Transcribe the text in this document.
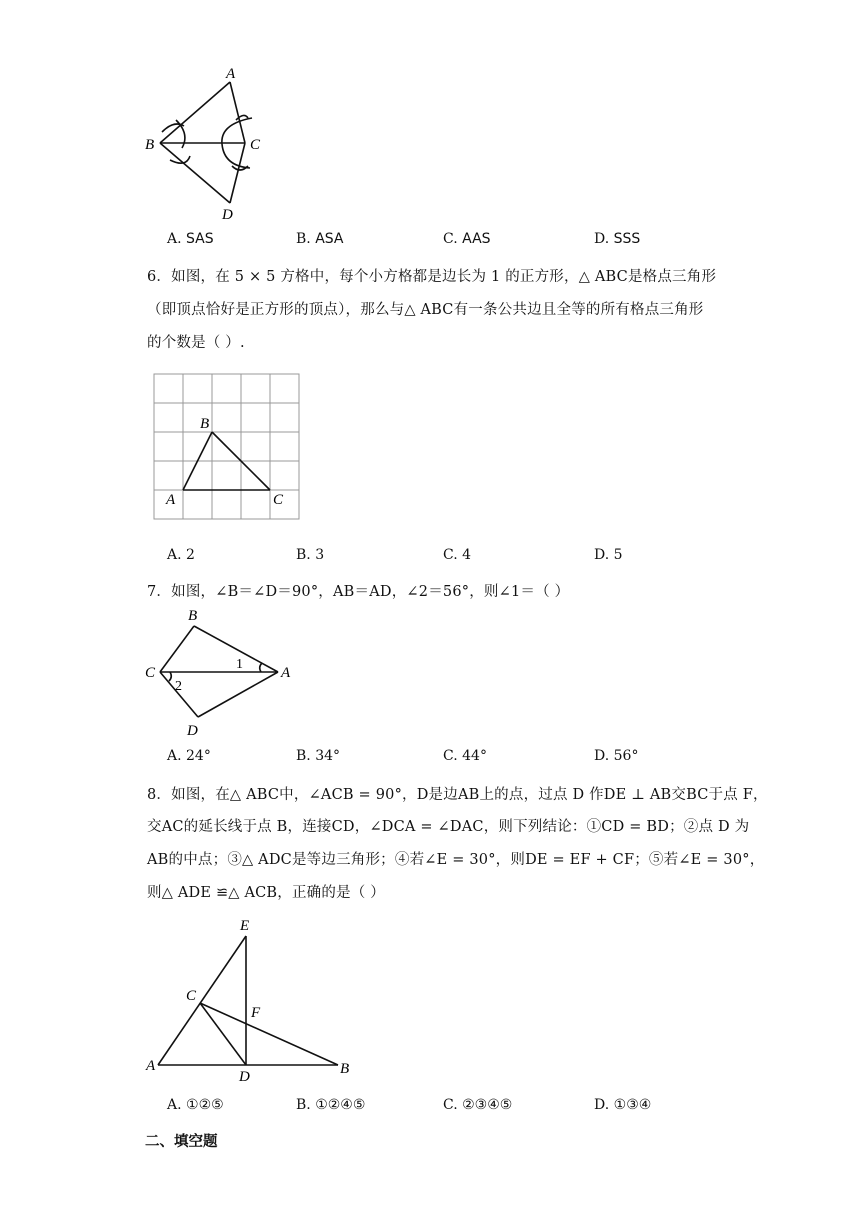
A
B	C
D
A. SAS	B. ASA	C. AAS	D. SSS
6．如图，在 5 × 5 方格中，每个小方格都是边长为 1 的正方形，△ ABC是格点三角形
（即顶点恰好是正方形的顶点），那么与△ ABC有一条公共边且全等的所有格点三角形
的个数是（ ）.
B
A	C
A. 2	B. 3	C. 4	D. 5
7．如图，∠B＝∠D＝90°，AB＝AD，∠2＝56°，则∠1＝（ ）
B
C	A
D
1
2
A. 24°	B. 34°	C. 44°	D. 56°
8．如图，在△ ABC中，∠ACB = 90°，D是边AB上的点，过点 D 作DE ⊥ AB交BC于点 F，
交AC的延长线于点 B，连接CD，∠DCA = ∠DAC，则下列结论：①CD = BD；②点 D 为
AB的中点；③△ ADC是等边三角形；④若∠E = 30°，则DE = EF + CF；⑤若∠E = 30°，
则△ ADE ≌△ ACB，正确的是（ ）
E
C
F
A
D	B
A. ①②⑤	B. ①②④⑤	C. ②③④⑤	D. ①③④
二、填空题
